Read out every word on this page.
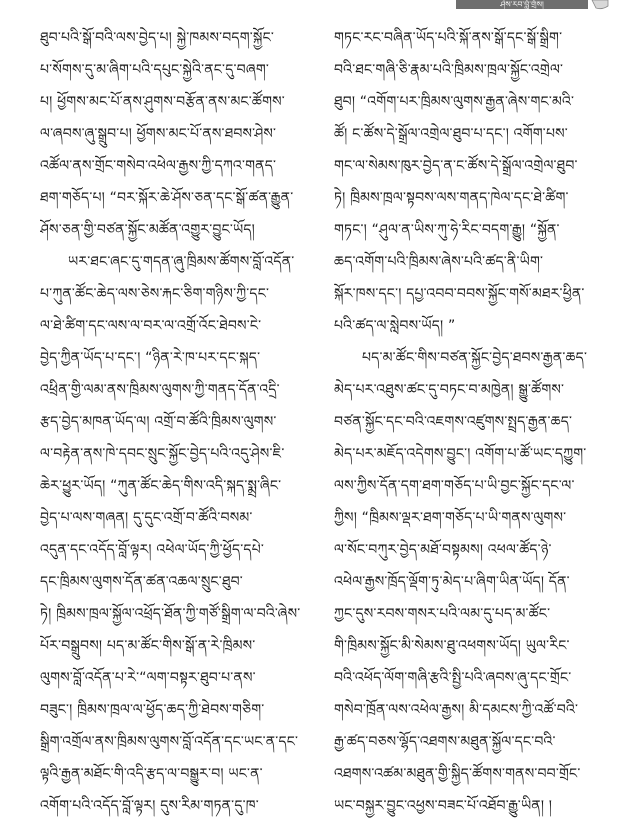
ཤེས་རབ་བློ་གྲོས།
ཐུབ་པའི་སྒོ་བའི་ལས་བྱེད་པ། སྐྱེ་ཁམས་བདག་སྐྱོང་
པ་སོགས་དུ་མ་ཞིག་པའི་དཔུང་སྐྱེའི་ནང་དུ་བཞག་
པ། ཕྱོགས་མང་པོ་ནས་ཤུགས་བརྩོན་ནས་མང་ཚོགས་
ལ་ཞབས་ཞུ་སྒྲུབ་པ། ཕྱོགས་མང་པོ་ནས་ཐབས་ཤེས་
འཚོལ་ནས་གྲོང་གསེབ་འཕེལ་རྒྱས་ཀྱི་དཀའ་གནད་
ཐག་གཅོད་པ། “བར་སྐོར་ཆེ་ཤོས་ཅན་དང་སྒོ་ཚན་རྒྱུན་
ཤོས་ཅན་གྱི་བཙན་སྐྱོང་མཚོན་འགྱུར་བྱུང་ཡོད།
ཡར་ཐང་ཞང་དུ་གདན་ཞུ་ཁྲིམས་ཚོགས་བློ་འདོན་
པ་ཀུན་ཚོང་ཆེད་ལས་ཅེས་རྐང་ཅིག་གཉིས་ཀྱི་དང་
ལ་ཐེ་ཚིག་དང་ལས་ལ་བར་ལ་འགྲོ་འོང་ཐེབས་ངེ་
བྱེད་ཀྱིན་ཡོད་པ་དང་། “ཉིན་རེ་ཁ་པར་དང་སྐད་
འཕྲིན་གྱི་ལམ་ནས་ཁྲིམས་ལུགས་ཀྱི་གནད་དོན་འདྲི་
རྩད་བྱེད་མཁན་ཡོད་ལ། འགྲོ་བ་ཚོའི་ཁྲིམས་ལུགས་
ལ་བརྟེན་ནས་ཁེ་དབང་སྲུང་སྐྱོང་བྱེད་པའི་འདུ་ཤེས་ཇི་
ཆེར་ཕྱུར་ཡོད། “ཀུན་ཚོང་ཆེད་གིས་འདི་སྐད་སྨྲ་ཞིང་
བྱེད་པ་ལས་གཞན། དུ་དུང་འགྲོ་བ་ཚོའི་བསམ་
འདུན་དང་འདོད་བློ་ལྟར། འཕེལ་ཡོད་ཀྱི་ཕྱོད་དཔེ་
དང་ཁྲིམས་ལུགས་དོན་ཚན་འཆལ་སྲུང་ཐུབ་
ཏེ། ཁྲིམས་ཁྲལ་སྐྱོལ་འཕྲོད་ཐོན་ཀྱི་གཙོ་སྒྲིག་ལ་བའི་ཞེས་
པོར་བསྒྲུབས། པད་མ་ཚོང་གིས་སྒོ་ན་རེ་ཁྲིམས་
ལུགས་བློ་འདོན་པ་རེ་“ལག་བསྟར་ཐུབ་པ་ནས་
བཟུང་། ཁྲིམས་ཁྲལ་ལ་ཕྱོད་ཆད་ཀྱི་ཐེབས་གཅིག་
སྒྲིག་འགྲོལ་ནས་ཁྲིམས་ལུགས་བློ་འདོན་དང་ཡང་ན་དང་
ལྟའི་རྒྱན་མཐོང་གི་འདི་རྩད་ལ་བསྒྱུར་བ། ཡང་ན་
འགོག་པའི་འདོད་བློ་ལྟར། དུས་རིམ་གཏན་དུ་ཁ་
གཏང་རང་བཞིན་ཡོད་པའི་སྐོ་ནས་སྒོ་དང་སྒོ་སྒྲིག་
བའི་ཐང་གཞི་ཅི་རྣམ་པའི་ཁྲིམས་ཁྲལ་སྐྱོང་འགྲེལ་
ཐུབ། “འགོག་པར་ཁྲིམས་ལུགས་རྒྱན་ཞེས་གང་མའི་
ཚོ། ང་ཚོས་དེ་སྒྲོལ་འགྲེལ་ཐུབ་པ་དང་། འགོག་པས་
གང་ལ་སེམས་ཁུར་བྱེད་ན་ང་ཚོས་དེ་སྒྲོལ་འགྲེལ་ཐུབ་
ཏེ། ཁྲིམས་ཁྲལ་སྟབས་ལས་གནད་ཁེལ་དང་ཐེ་ཚིག་
གཏང་། “ཤུལ་ན་ཡིས་ཀུ་ཧེ་རིང་བདག་རྒྱུ། “སྐྱོན་
ཆད་འགོག་པའི་ཁྲིམས་ཞེས་པའི་ཚད་ནི་ཡིག་
སྐོར་ཁས་དང་། དཔྱ་འབབ་བབས་སྐྱོང་གསོ་མཐར་ཕྱིན་
པའི་ཚད་ལ་སླེབས་ཡོད། ”
པད་མ་ཚོང་གིས་བཙན་སྐྱོང་བྱེད་ཐབས་རྒྱན་ཆད་
མེད་པར་འཐུས་ཚང་དུ་བཏང་བ་མཁྱེན། སྒྱུ་ཚོགས་
བཙན་སྐྱོང་དང་བའི་འཇགས་འཛུགས་སྤྲད་རྒྱན་ཆད་
མེད་པར་མཇོད་འདེགས་བྱུང་། འགོག་པ་ཚོ་ཡང་དཀྱུག་
ལས་ཀྱིས་དོན་དག་ཐག་གཅོད་པ་ཡི་བྱང་སྐྱོང་དང་ལ་
ཀྱིས། “ཁྲིམས་ལྡར་ཐག་གཅོད་པ་ཡི་གནས་ལུགས་
ལ་སོང་བཀུར་བྱེད་མཐོ་བསྟམས། འཕལ་ཚོད་ཉེ་
འཕེལ་རྒྱས་ཁྲོད་ལྡོག་ཏུ་མེད་པ་ཞིག་ཡིན་ཡོད། དོན་
ཀྱང་དུས་རབས་གསར་པའི་ལམ་དུ་པད་མ་ཚོང་
གི་ཁྲིམས་སྐྱོང་མི་སེམས་ཐུ་འཕགས་ཡོད། ཡུལ་རིང་
བའི་འཕོད་ལོག་གཞི་རྩའི་སྤྱི་པའི་ཞབས་ཞུ་དང་གྲོང་
གསེབ་ཁྲོན་ལས་འཕེལ་རྒྱས། མི་དམངས་ཀྱི་འཚོ་བའི་
རྒྱ་ཚད་བཅས་ལྷོད་འཐགས་མཐུན་སྐྱོལ་དང་བའི་
འཐགས་འཚམ་མཐུན་གྱི་སྐྱིད་ཚོགས་གནས་བབ་གྲོང་
ཡང་བསྐྱར་བྱུང་འཕྱས་བཟང་པོ་འཐོབ་རྒྱུ་ཡིན། །
